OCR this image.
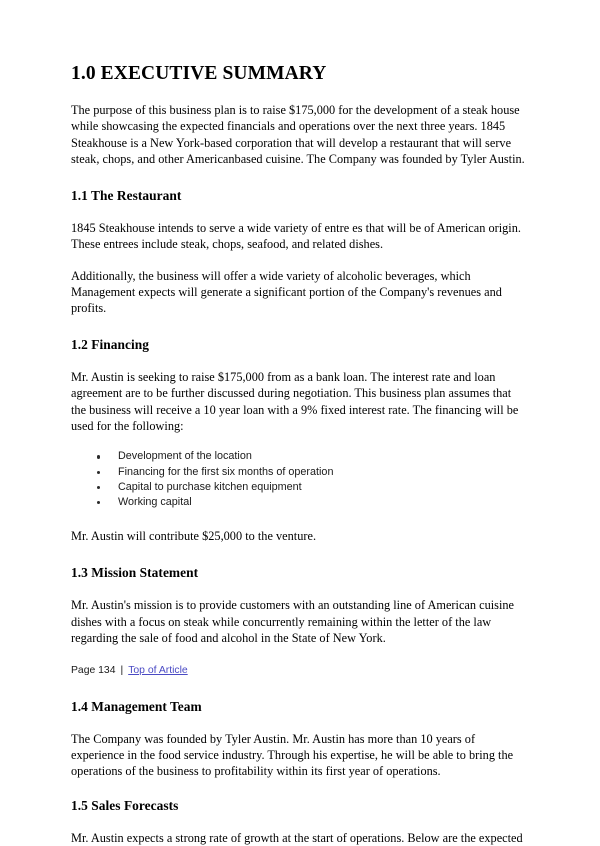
1.0 EXECUTIVE SUMMARY

The purpose of this business plan is to raise $175,000 for the development of a steak house while showcasing the expected financials and operations over the next three years. 1845 Steakhouse is a New York-based corporation that will develop a restaurant that will serve steak, chops, and other Americanbased cuisine. The Company was founded by Tyler Austin.

1.1 The Restaurant

1845 Steakhouse intends to serve a wide variety of entre es that will be of American origin. These entrees include steak, chops, seafood, and related dishes.

Additionally, the business will offer a wide variety of alcoholic beverages, which Management expects will generate a significant portion of the Company's revenues and profits.

1.2 Financing

Mr. Austin is seeking to raise $175,000 from as a bank loan. The interest rate and loan agreement are to be further discussed during negotiation. This business plan assumes that the business will receive a 10 year loan with a 9% fixed interest rate. The financing will be used for the following:

Development of the location
Financing for the first six months of operation
Capital to purchase kitchen equipment
Working capital

Mr. Austin will contribute $25,000 to the venture.

1.3 Mission Statement

Mr. Austin's mission is to provide customers with an outstanding line of American cuisine dishes with a focus on steak while concurrently remaining within the letter of the law regarding the sale of food and alcohol in the State of New York.

Page 134 | Top of Article
1.4 Management Team

The Company was founded by Tyler Austin. Mr. Austin has more than 10 years of experience in the food service industry. Through his expertise, he will be able to bring the operations of the business to profitability within its first year of operations.

1.5 Sales Forecasts

Mr. Austin expects a strong rate of growth at the start of operations. Below are the expected
